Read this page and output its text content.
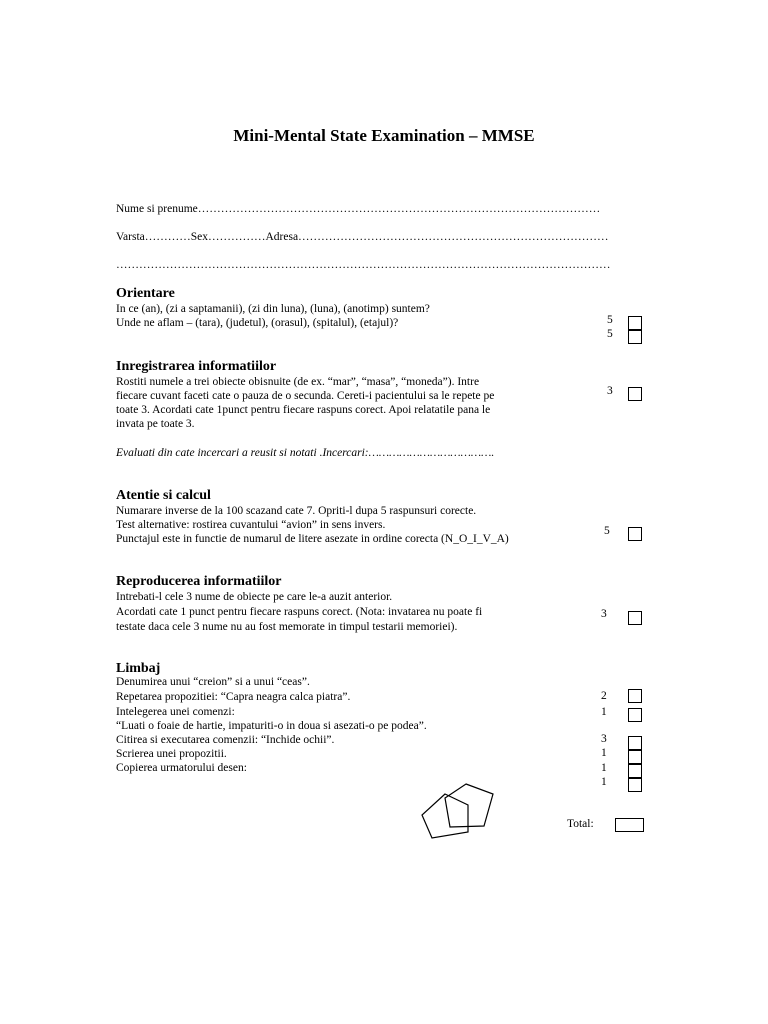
Mini-Mental State Examination – MMSE
Nume si prenume……………………………………………………………………………………………
Varsta…………Sex……………Adresa………………………………………………………………………
…………………………………………………………………………………………………………………
Orientare
In ce (an), (zi a saptamanii), (zi din luna), (luna), (anotimp) suntem?
Unde ne aflam – (tara), (judetul), (orasul), (spitalul), (etajul)?	5
5
Inregistrarea informatiilor
Rostiti numele a trei obiecte obisnuite (de ex. “mar”, “masa”, “moneda”). Intre
fiecare cuvant faceti cate o pauza de o secunda. Cereti-i pacientului sa le repete pe
toate 3. Acordati cate 1punct pentru fiecare raspuns corect. Apoi relatatile pana le
invata pe toate 3.
Evaluati din cate incercari a reusit si notati .Incercari:……………………………….
3
Atentie si calcul
Numarare inverse de la 100 scazand cate 7. Opriti-l dupa 5 raspunsuri corecte.
Test alternative: rostirea cuvantului “avion” in sens invers.
Punctajul este in functie de numarul de litere asezate in ordine corecta (N_O_I_V_A)
5
Reproducerea informatiilor
Intrebati-l cele 3 nume de obiecte pe care le-a auzit anterior.
Acordati cate 1 punct pentru fiecare raspuns corect. (Nota: invatarea nu poate fi
testate daca cele 3 nume nu au fost memorate in timpul testarii memoriei).
3
Limbaj
Denumirea unui “creion” si a unui “ceas”.
Repetarea propozitiei: “Capra neagra calca piatra”.
Intelegerea unei comenzi:
“Luati o foaie de hartie, impaturiti-o in doua si asezati-o pe podea”.
Citirea si executarea comenzii: “Inchide ochii”.
Scrierea unei propozitii.
Copierea urmatorului desen:
2
1
3
1
1
1
Total:
